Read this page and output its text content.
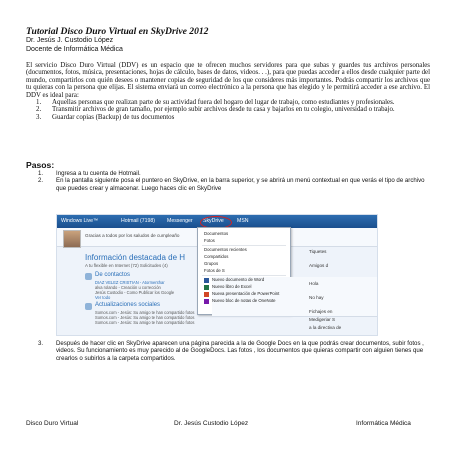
Tutorial Disco Duro Virtual en SkyDrive 2012
Dr. Jesús J. Custodio López
Docente de Informática Médica

El servicio Disco Duro Virtual (DDV) es un espacio que te ofrecen muchos servidores para que subas y guardes tus archivos personales (documentos, fotos, música, presentaciones, hojas de cálculo, bases de datos, videos. . .), para que puedas acceder a ellos desde cualquier parte del mundo, compartirlos con quién desees o mantener copias de seguridad de los que consideres más importantes. Podrás compartir los archivos que tu quieras con la persona que elijas. El sistema enviará un correo electrónico a la persona que has elegido y le permitirá acceder a ese archivo. El DDV es ideal para:

1. Aquellas personas que realizan parte de su actividad fuera del hogaro del lugar de trabajo, como estudiantes y profesionales.
2. Transmitir archivos de gran tamaño, por ejemplo subir archivos desde tu casa y bajarlos en tu colegio, universidad o trabajo.
3. Guardar copias (Backup) de tus documentos
Pasos:
1. Ingresa a tu cuenta de Hotmail.
2. En la pantalla siguiente posa el puntero en SkyDrive, en la barra superior, y se abrirá un menú contextual en que verás el tipo de archivo que puedes crear y almacenar. Luego haces clic en SkyDrive
Windows Live™	Hotmail (7198) Messenger SkyDrive	MSN
Gracias a todos por los saludos de cumpleaño
Información destacada de H
A tu flexible en Internet (72) Solicitudes (4)
De contactos
DIAZ VELEZ CRISTIAN - Atormenthar
alva rolando - Creación u corrección
Jesús Custodio - Como Publicar los Google
Ver todo
Actualizaciones sociales
Somos.com - Jesús: Su amigo te han compartido fotos
Somos.com - Jesús: Su amigo te han compartido fotos
Somos.com - Jesús: Su amigo te han compartido fotos
Documentos
Fotos
Documentos recientes
Compartidos
Grupos
Fotos de S
Nuevo documento de Word
Nuevo libro de Excel
Nueva presentación de PowerPoint
Nuevo bloc de notas de OneNote
Tiquetes
Amigos d
Hola
No hay
Fichajes en
Medigeriar S
a la directiva de
3.	Después de hacer clic en SkyDrive aparecen una página parecida a la de Google Docs en la que podrás crear documentos, subir fotos , videos. Su funcionamiento es muy parecido al de GoogleDocs. Las fotos , los documentos que quieras compartir con alguien tienes que crearlos o subirlos a la carpeta compartidos.
Disco Duro Virtual	Dr. Jesús Custodio López	Informática Médica
